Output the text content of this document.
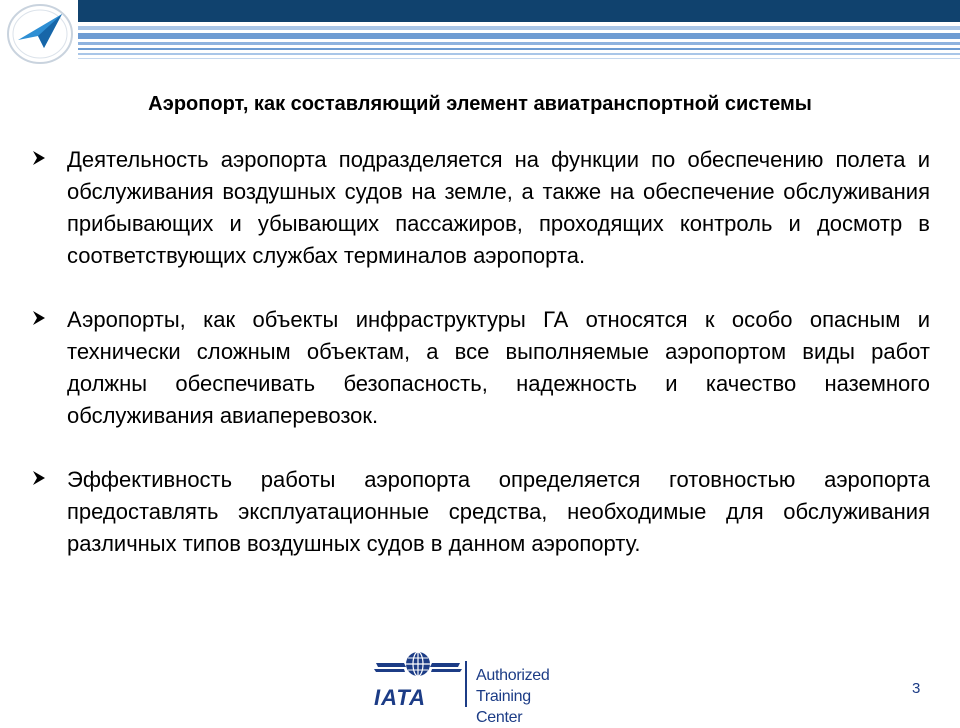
Аэропорт, как составляющий элемент авиатранспортной системы
Деятельность аэропорта подразделяется на функции по обеспечению полета и обслуживания воздушных судов на земле, а также на обеспечение обслуживания прибывающих и убывающих пассажиров, проходящих контроль и досмотр в соответствующих службах терминалов аэропорта.
Аэропорты, как объекты инфраструктуры ГА относятся к особо опасным и технически сложным объектам, а все выполняемые аэропортом виды работ должны обеспечивать безопасность, надежность и качество наземного обслуживания авиаперевозок.
Эффективность работы аэропорта определяется готовностью аэропорта предоставлять эксплуатационные средства, необходимые для обслуживания различных типов воздушных судов в данном аэропорту.
IATA
Authorized
Training Center
3
